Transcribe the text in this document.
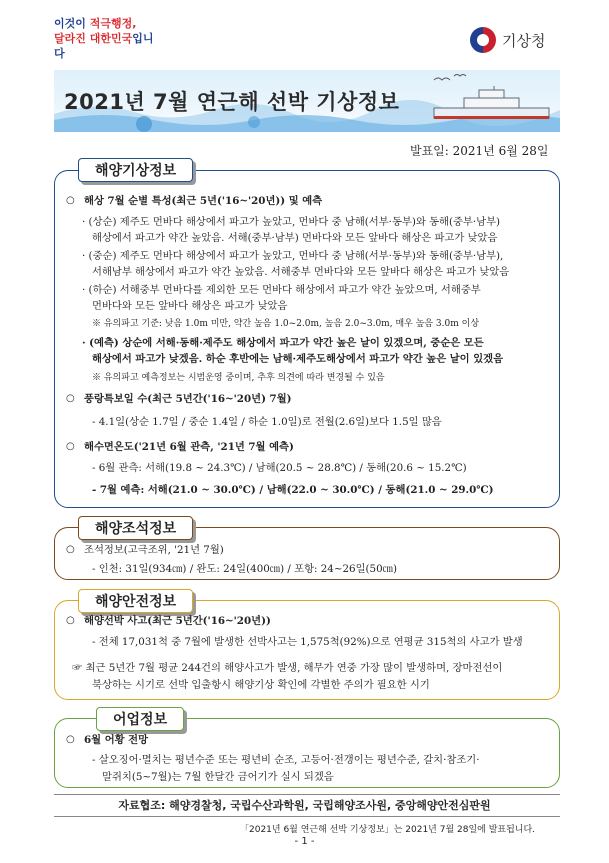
이것이 적극행정,
달라진 대한민국입니다
기상청
2021년 7월 연근해 선박 기상정보
발표일: 2021년 6월 28일
해양기상정보
○ 해상 7월 순별 특성(최근 5년('16~'20년)) 및 예측
· (상순) 제주도 먼바다 해상에서 파고가 높았고, 먼바다 중 남해(서부·동부)와 동해(중부·남부)
해상에서 파고가 약간 높았음. 서해(중부·남부) 먼바다와 모든 앞바다 해상은 파고가 낮았음
· (중순) 제주도 먼바다 해상에서 파고가 높았고, 먼바다 중 남해(서부·동부)와 동해(중부·남부),
서해남부 해상에서 파고가 약간 높았음. 서해중부 먼바다와 모든 앞바다 해상은 파고가 낮았음
· (하순) 서해중부 먼바다를 제외한 모든 먼바다 해상에서 파고가 약간 높았으며, 서해중부
먼바다와 모든 앞바다 해상은 파고가 낮았음
※ 유의파고 기준: 낮음 1.0m 미만, 약간 높음 1.0~2.0m, 높음 2.0~3.0m, 매우 높음 3.0m 이상
· (예측) 상순에 서해·동해·제주도 해상에서 파고가 약간 높은 날이 있겠으며, 중순은 모든
해상에서 파고가 낮겠음. 하순 후반에는 남해·제주도해상에서 파고가 약간 높은 날이 있겠음
※ 유의파고 예측정보는 시범운영 중이며, 추후 의견에 따라 변경될 수 있음
○ 풍랑특보일 수(최근 5년간('16~'20년) 7월)
- 4.1일(상순 1.7일 / 중순 1.4일 / 하순 1.0일)로 전월(2.6일)보다 1.5일 많음
○ 해수면온도('21년 6월 관측, '21년 7월 예측)
- 6월 관측: 서해(19.8 ~ 24.3℃) / 남해(20.5 ~ 28.8℃) / 동해(20.6 ~ 15.2℃)
- 7월 예측: 서해(21.0 ~ 30.0℃) / 남해(22.0 ~ 30.0℃) / 동해(21.0 ~ 29.0℃)
해양조석정보
○ 조석정보(고극조위, '21년 7월)
- 인천: 31일(934㎝) / 완도: 24일(400㎝) / 포항: 24~26일(50㎝)
해양안전정보
○ 해양선박 사고(최근 5년간('16~'20년))
- 전체 17,031척 중 7월에 발생한 선박사고는 1,575척(92%)으로 연평균 315척의 사고가 발생
☞ 최근 5년간 7월 평균 244건의 해양사고가 발생, 해무가 연중 가장 많이 발생하며, 장마전선이
북상하는 시기로 선박 입출항시 해양기상 확인에 각별한 주의가 필요한 시기
어업정보
○ 6월 어황 전망
- 살오징어·멸치는 평년수준 또는 평년비 순조, 고등어·전갱이는 평년수준, 갈치·참조기·
말쥐치(5~7월)는 7월 한달간 금어기가 실시 되겠음
자료협조: 해양경찰청, 국립수산과학원, 국립해양조사원, 중앙해양안전심판원
「2021년 6월 연근해 선박 기상정보」는 2021년 7월 28일에 발표됩니다.
- 1 -
